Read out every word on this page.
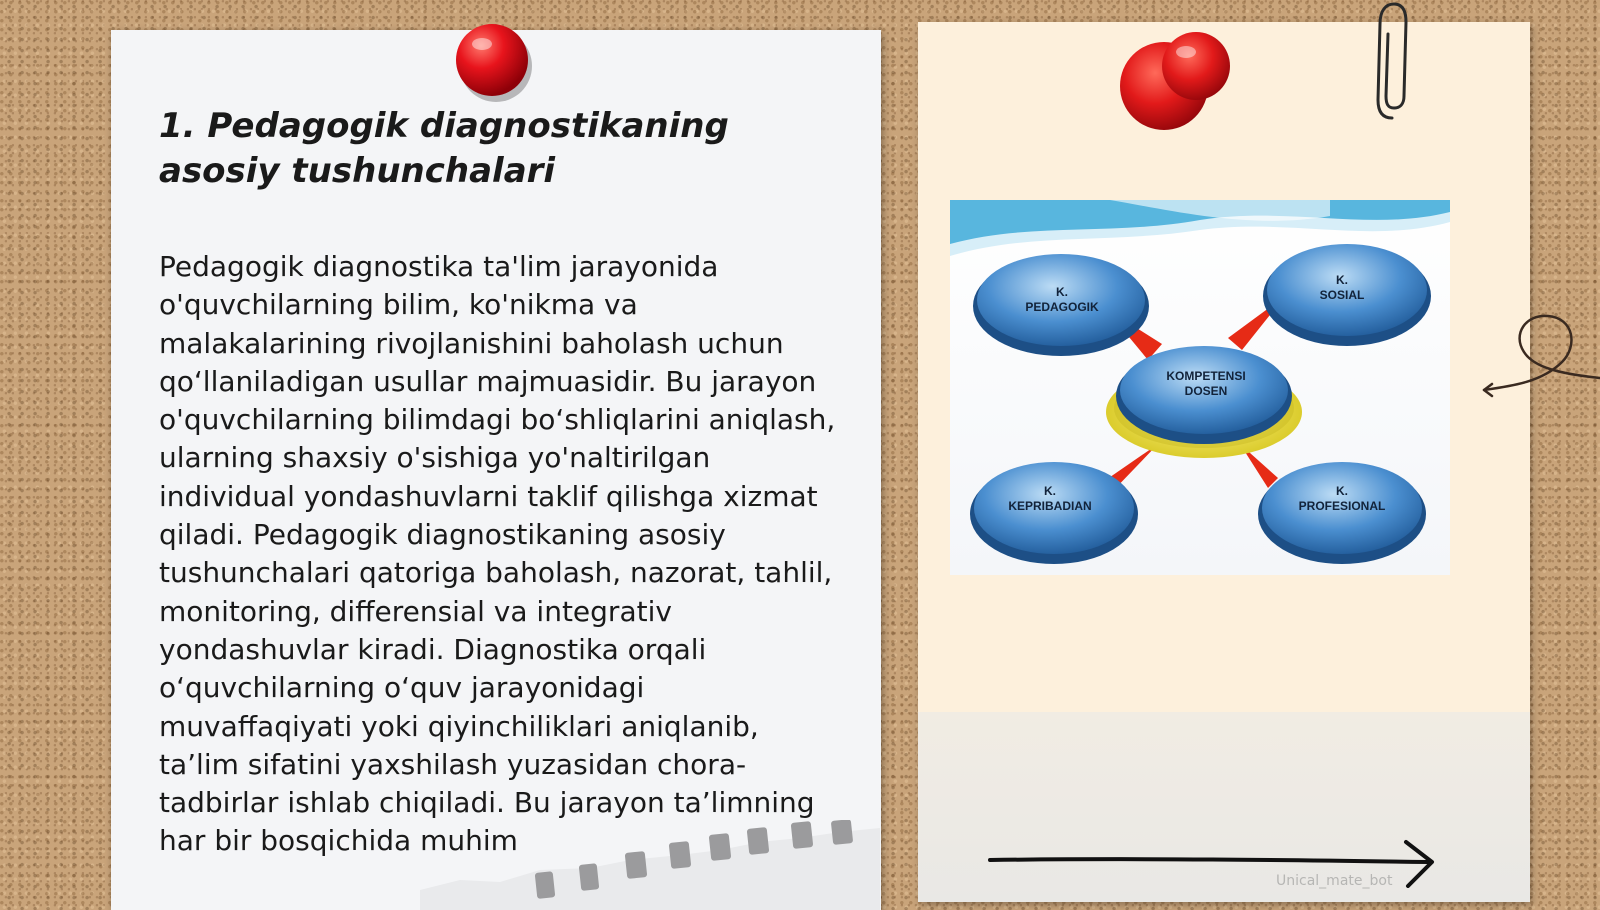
1. Pedagogik diagnostikaning asosiy tushunchalari

Pedagogik diagnostika ta'lim jarayonida o'quvchilarning bilim, ko'nikma va malakalarining rivojlanishini baholash uchun qo‘llaniladigan usullar majmuasidir. Bu jarayon o'quvchilarning bilimdagi bo‘shliqlarini aniqlash, ularning shaxsiy o'sishiga yo'naltirilgan individual yondashuvlarni taklif qilishga xizmat qiladi. Pedagogik diagnostikaning asosiy tushunchalari qatoriga baholash, nazorat, tahlil, monitoring, differensial va integrativ yondashuvlar kiradi. Diagnostika orqali o‘quvchilarning o‘quv jarayonidagi muvaffaqiyati yoki qiyinchiliklari aniqlanib, ta’lim sifatini yaxshilash yuzasidan chora-tadbirlar ishlab chiqiladi. Bu jarayon ta’limning har bir bosqichida muhim

K.
PEDAGOGIK
K.
SOSIAL
KOMPETENSI
DOSEN
K.
KEPRIBADIAN
K.
PROFESIONAL
Unical_mate_bot
